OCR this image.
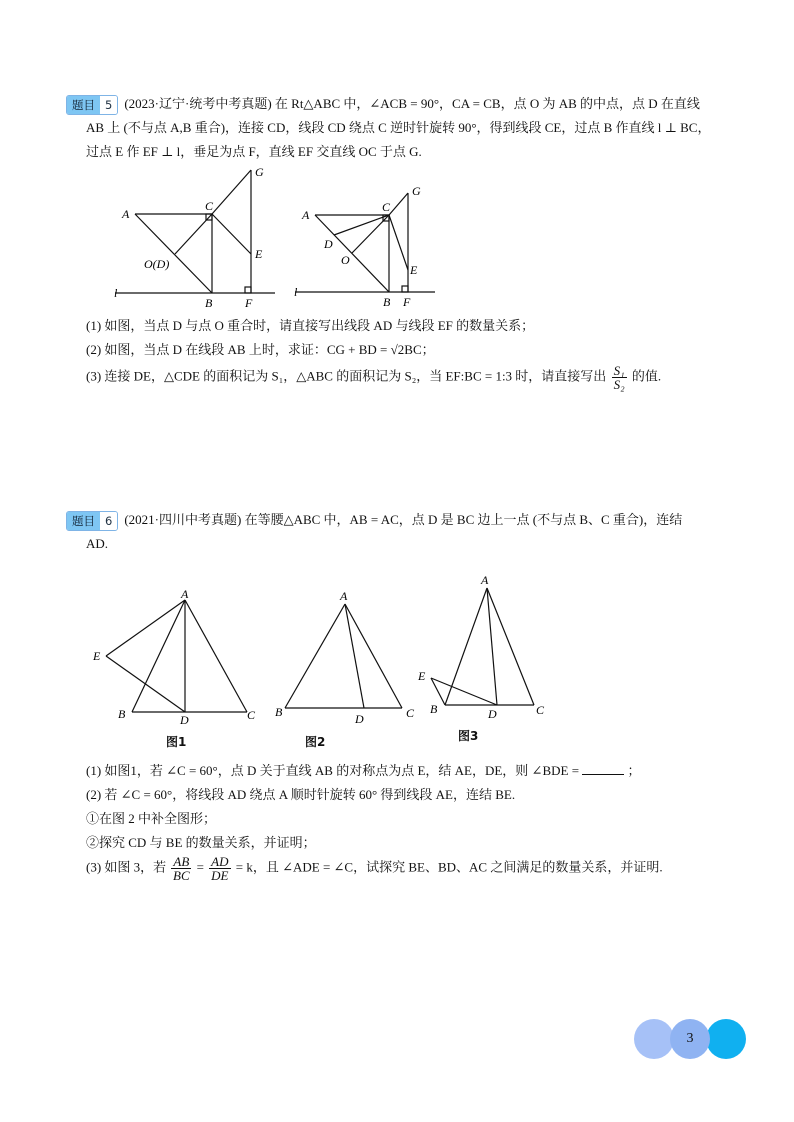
题目 5 (2023·辽宁·统考中考真题) 在 Rt△ABC 中，∠ACB = 90°，CA = CB，点 O 为 AB 的中点，点 D 在直线
AB 上 (不与点 A,B 重合)，连接 CD，线段 CD 绕点 C 逆时针旋转 90°，得到线段 CE，过点 B 作直线 l ⊥ BC，
过点 E 作 EF ⊥ l，垂足为点 F，直线 EF 交直线 OC 于点 G.
A
C
G
O(D)
E
l
B	F
A
C
G
D
O
E
l
B F
(1) 如图，当点 D 与点 O 重合时，请直接写出线段 AD 与线段 EF 的数量关系；
(2) 如图，当点 D 在线段 AB 上时，求证：CG + BD = √2BC；
(3) 连接 DE，△CDE 的面积记为 S₁，△ABC 的面积记为 S₂，当 EF:BC = 1:3 时，请直接写出 $\frac{\text{S₁}}{\text{S₂}}$ 的值.
题目 6 (2021·四川中考真题) 在等腰△ABC 中，AB = AC，点 D 是 BC 边上一点 (不与点 B、C 重合)，连结
AD.
A
E
B	D	C
图1
A
B	D	C
图2
A
E
B	D	C
图3
(1) 如图1，若 ∠C = 60°，点 D 关于直线 AB 的对称点为点 E，结 AE，DE，则 ∠BDE =	；
(2) 若 ∠C = 60°，将线段 AD 绕点 A 顺时针旋转 60° 得到线段 AE，连结 BE.
①在图 2 中补全图形；
②探究 CD 与 BE 的数量关系，并证明；
(3) 如图 3，若 $\frac{AB}{BC} = \frac{AD}{DE} = k$，且 ∠ADE = ∠C，试探究 BE、BD、AC 之间满足的数量关系，并证明.
3
